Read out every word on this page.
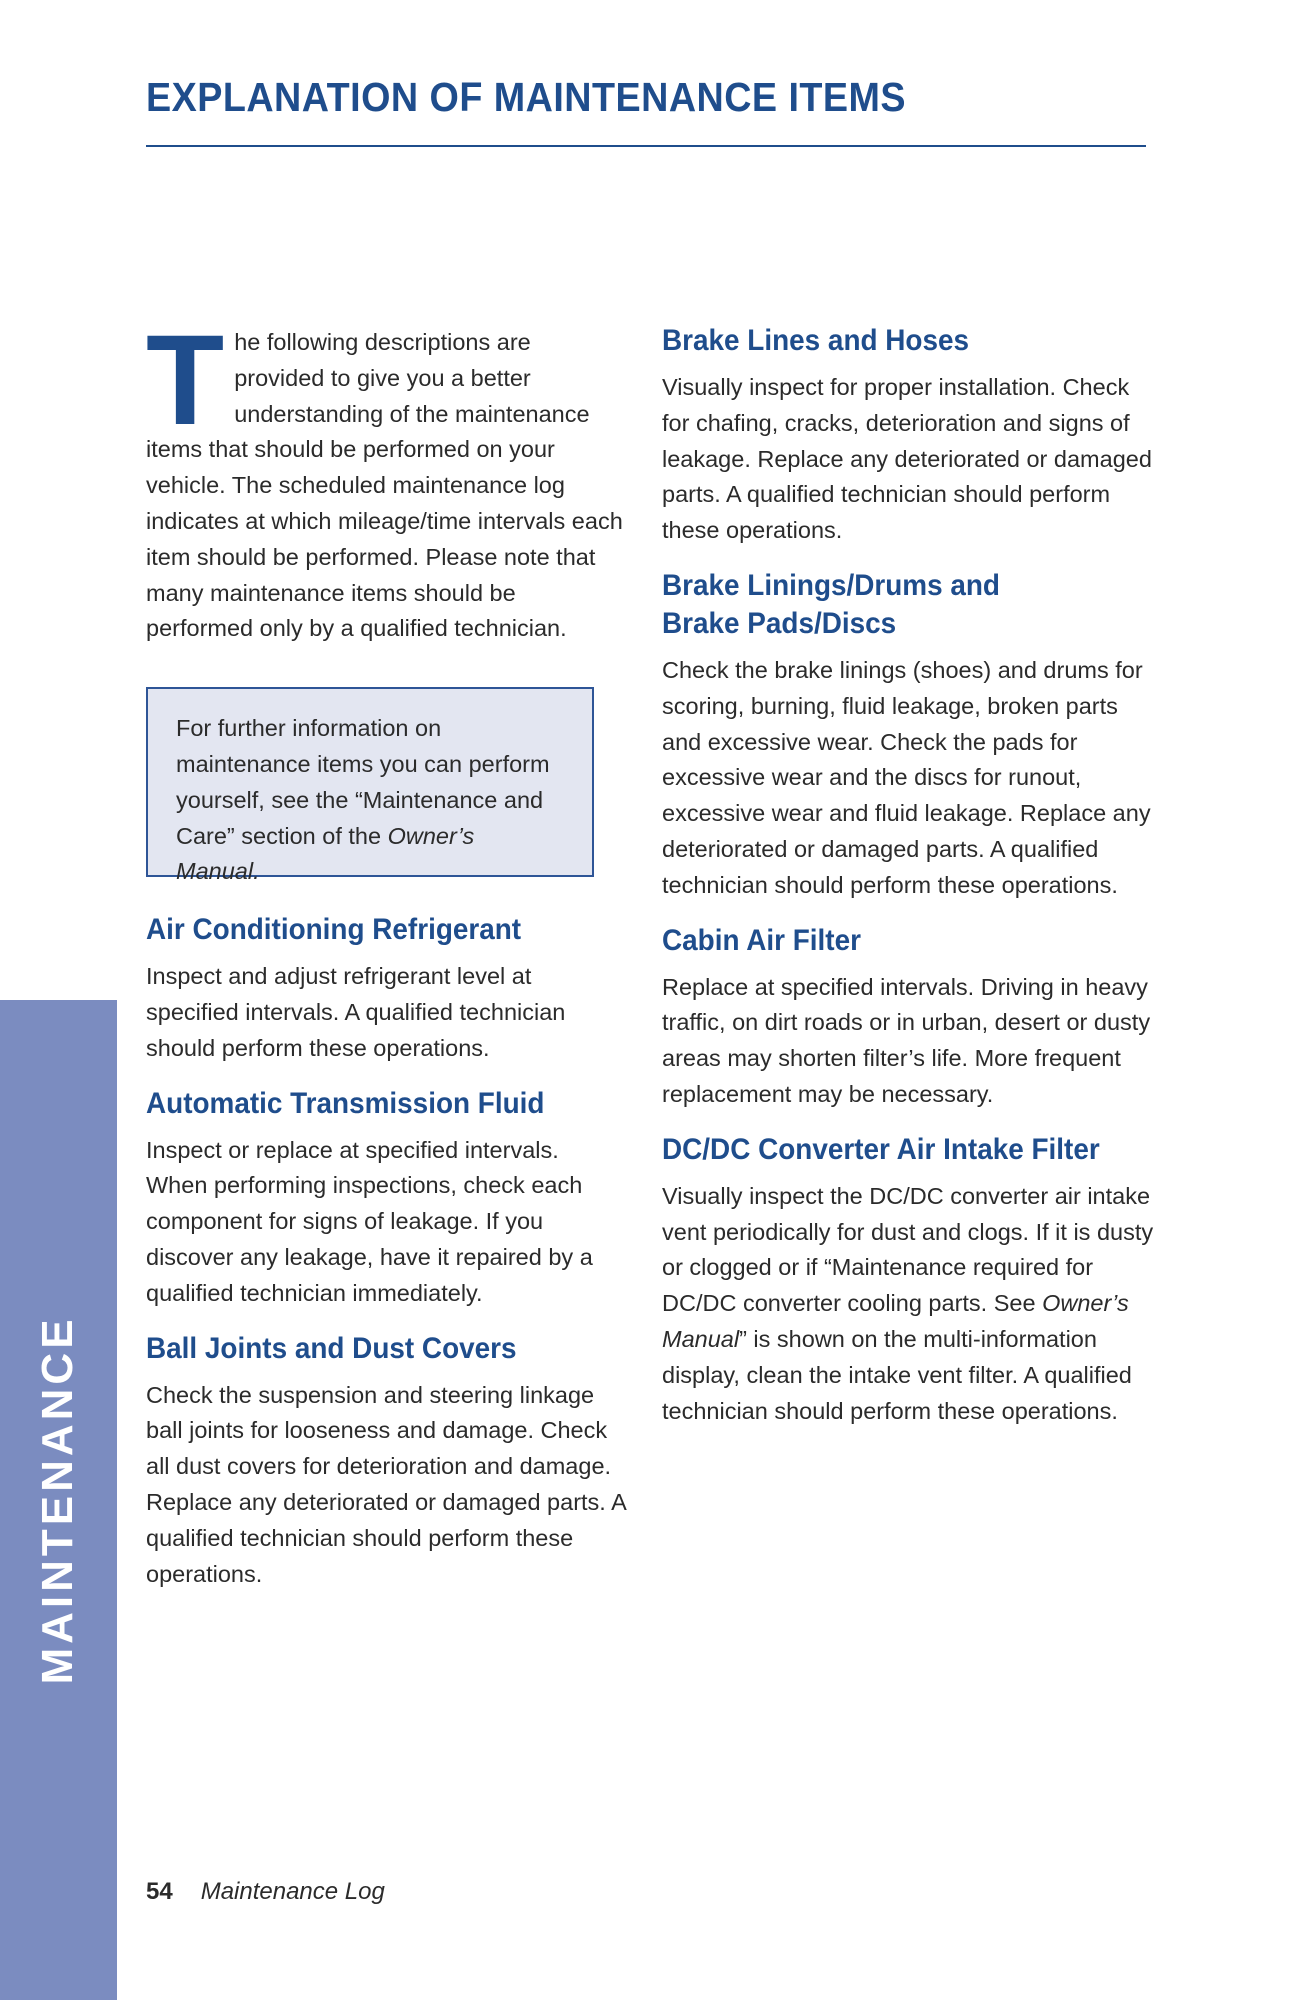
EXPLANATION OF MAINTENANCE ITEMS
MAINTENANCE

The following descriptions are provided to give you a better understanding of the maintenance items that should be performed on your vehicle. The scheduled maintenance log indicates at which mileage/time intervals each item should be performed. Please note that many maintenance items should be performed only by a qualified technician.

For further information on maintenance items you can perform yourself, see the “Maintenance and Care” section of the Owner’s Manual.

Air Conditioning Refrigerant

Inspect and adjust refrigerant level at specified intervals. A qualified technician should perform these operations.

Automatic Transmission Fluid

Inspect or replace at specified intervals. When performing inspections, check each component for signs of leakage. If you discover any leakage, have it repaired by a qualified technician immediately.

Ball Joints and Dust Covers

Check the suspension and steering linkage ball joints for looseness and damage. Check all dust covers for deterioration and damage. Replace any deteriorated or damaged parts. A qualified technician should perform these operations.

Brake Lines and Hoses

Visually inspect for proper installation. Check for chafing, cracks, deterioration and signs of leakage. Replace any deteriorated or damaged parts. A qualified technician should perform these operations.

Brake Linings/Drums and
Brake Pads/Discs

Check the brake linings (shoes) and drums for scoring, burning, fluid leakage, broken parts and excessive wear. Check the pads for excessive wear and the discs for runout, excessive wear and fluid leakage. Replace any deteriorated or damaged parts. A qualified technician should perform these operations.

Cabin Air Filter

Replace at specified intervals. Driving in heavy traffic, on dirt roads or in urban, desert or dusty areas may shorten filter’s life. More frequent replacement may be necessary.

DC/DC Converter Air Intake Filter

Visually inspect the DC/DC converter air intake vent periodically for dust and clogs. If it is dusty or clogged or if “Maintenance required for DC/DC converter cooling parts. See Owner’s Manual” is shown on the multi-information display, clean the intake vent filter. A qualified technician should perform these operations.

54 Maintenance Log
